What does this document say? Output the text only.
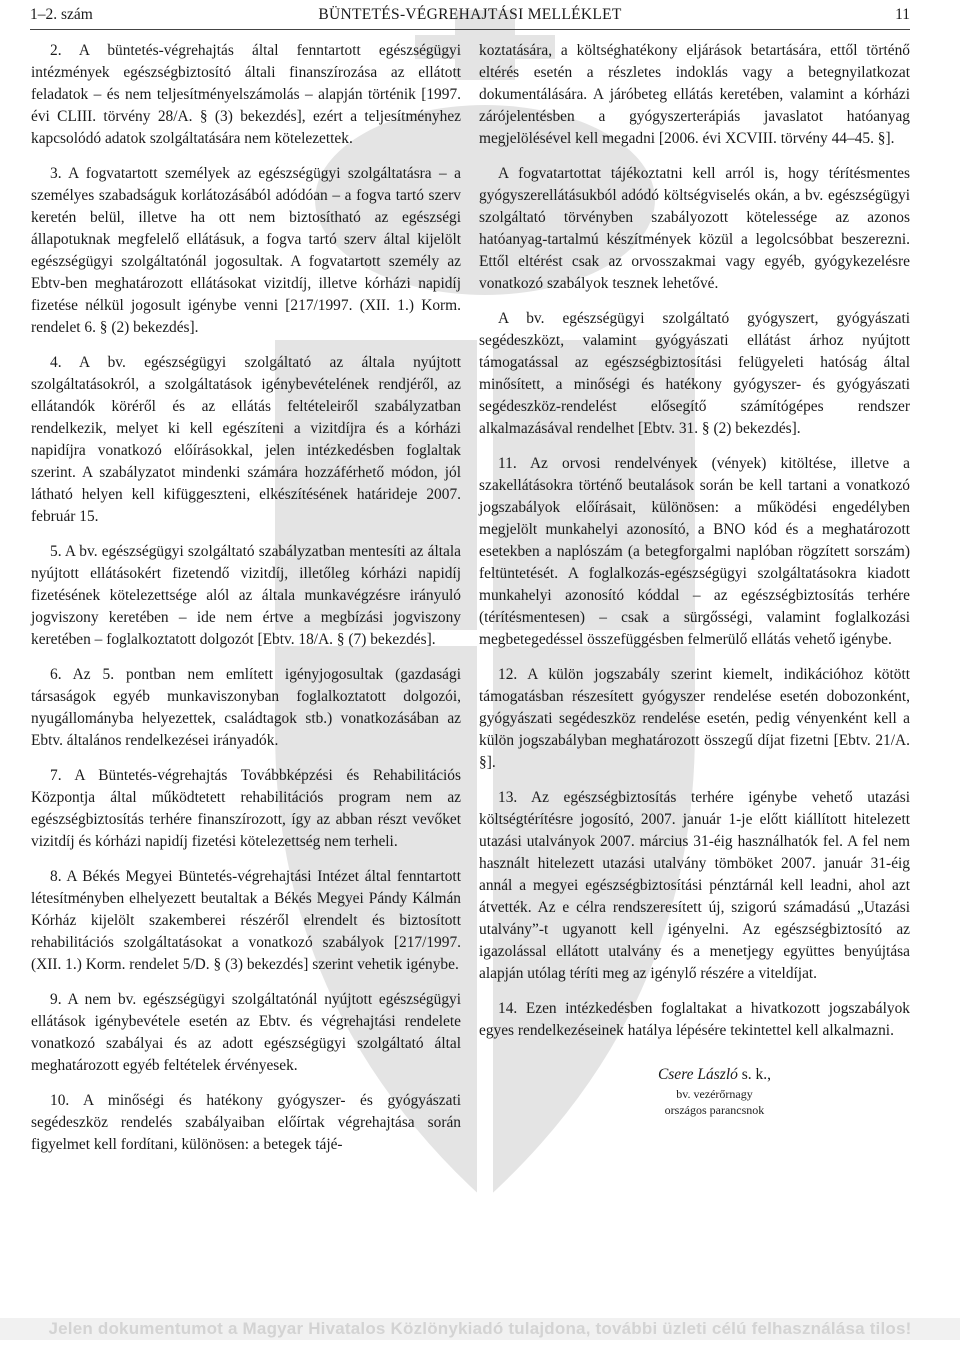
1–2. szám	BÜNTETÉS-VÉGREHAJTÁSI MELLÉKLET	11

2. A büntetés-végrehajtás által fenntartott egészségügyi intézmények egészségbiztosító általi finanszírozása az ellátott feladatok – és nem teljesítményelszámolás – alapján történik [1997. évi CLIII. törvény 28/A. § (3) bekezdés], ezért a teljesítményhez kapcsolódó adatok szolgáltatására nem kötelezettek.

3. A fogvatartott személyek az egészségügyi szolgáltatásra – a személyes szabadságuk korlátozásából adódóan – a fogva tartó szerv keretén belül, illetve ha ott nem biztosítható az egészségi állapotuknak megfelelő ellátásuk, a fogva tartó szerv által kijelölt egészségügyi szolgáltatónál jogosultak. A fogvatartott személy az Ebtv-ben meghatározott ellátásokat vizitdíj, illetve kórházi napidíj fizetése nélkül jogosult igénybe venni [217/1997. (XII. 1.) Korm. rendelet 6. § (2) bekezdés].

4. A bv. egészségügyi szolgáltató az általa nyújtott szolgáltatásokról, a szolgáltatások igénybevételének rendjéről, az ellátandók köréről és az ellátás feltételeiről szabályzatban rendelkezik, melyet ki kell egészíteni a vizitdíjra és a kórházi napidíjra vonatkozó előírásokkal, jelen intézkedésben foglaltak szerint. A szabályzatot mindenki számára hozzáférhető módon, jól látható helyen kell kifüggeszteni, elkészítésének határideje 2007. február 15.

5. A bv. egészségügyi szolgáltató szabályzatban mentesíti az általa nyújtott ellátásokért fizetendő vizitdíj, illetőleg kórházi napidíj fizetésének kötelezettsége alól az általa munkavégzésre irányuló jogviszony keretében – ide nem értve a megbízási jogviszony keretében – foglalkoztatott dolgozót [Ebtv. 18/A. § (7) bekezdés].

6. Az 5. pontban nem említett igényjogosultak (gazdasági társaságok egyéb munkaviszonyban foglalkoztatott dolgozói, nyugállományba helyezettek, családtagok stb.) vonatkozásában az Ebtv. általános rendelkezései irányadók.

7. A Büntetés-végrehajtás Továbbképzési és Rehabilitációs Központja által működtetett rehabilitációs program nem az egészségbiztosítás terhére finanszírozott, így az abban részt vevőket vizitdíj és kórházi napidíj fizetési kötelezettség nem terheli.

8. A Békés Megyei Büntetés-végrehajtási Intézet által fenntartott létesítményben elhelyezett beutaltak a Békés Megyei Pándy Kálmán Kórház kijelölt szakemberei részéről elrendelt és biztosított rehabilitációs szolgáltatásokat a vonatkozó szabályok [217/1997. (XII. 1.) Korm. rendelet 5/D. § (3) bekezdés] szerint vehetik igénybe.

9. A nem bv. egészségügyi szolgáltatónál nyújtott egészségügyi ellátások igénybevétele esetén az Ebtv. és végrehajtási rendelete vonatkozó szabályai és az adott egészségügyi szolgáltató által meghatározott egyéb feltételek érvényesek.

10. A minőségi és hatékony gyógyszer- és gyógyászati segédeszköz rendelés szabályaiban előírtak végrehajtása során figyelmet kell fordítani, különösen: a betegek tájé-

koztatására, a költséghatékony eljárások betartására, ettől történő eltérés esetén a részletes indoklás vagy a betegnyilatkozat dokumentálására. A járóbeteg ellátás keretében, valamint a kórházi zárójelentésben a gyógyszerterápiás javaslatot hatóanyag megjelölésével kell megadni [2006. évi XCVIII. törvény 44–45. §].

A fogvatartottat tájékoztatni kell arról is, hogy térítésmentes gyógyszerellátásukból adódó költségviselés okán, a bv. egészségügyi szolgáltató törvényben szabályozott kötelessége az azonos hatóanyag-tartalmú készítmények közül a legolcsóbbat beszerezni. Ettől eltérést csak az orvosszakmai vagy egyéb, gyógykezelésre vonatkozó szabályok tesznek lehetővé.

A bv. egészségügyi szolgáltató gyógyszert, gyógyászati segédeszközt, valamint gyógyászati ellátást árhoz nyújtott támogatással az egészségbiztosítási felügyeleti hatóság által minősített, a minőségi és hatékony gyógyszer- és gyógyászati segédeszköz-rendelést elősegítő számítógépes rendszer alkalmazásával rendelhet [Ebtv. 31. § (2) bekezdés].

11. Az orvosi rendelvények (vények) kitöltése, illetve a szakellátásokra történő beutalások során be kell tartani a vonatkozó jogszabályok előírásait, különösen: a működési engedélyben megjelölt munkahelyi azonosító, a BNO kód és a meghatározott esetekben a naplószám (a betegforgalmi naplóban rögzített sorszám) feltüntetését. A foglalkozás-egészségügyi szolgáltatásokra kiadott munkahelyi azonosító kóddal – az egészségbiztosítás terhére (térítésmentesen) – csak a sürgősségi, valamint foglalkozási megbetegedéssel összefüggésben felmerülő ellátás vehető igénybe.

12. A külön jogszabály szerint kiemelt, indikációhoz kötött támogatásban részesített gyógyszer rendelése esetén dobozonként, gyógyászati segédeszköz rendelése esetén, pedig vényenként kell a külön jogszabályban meghatározott összegű díjat fizetni [Ebtv. 21/A. §].

13. Az egészségbiztosítás terhére igénybe vehető utazási költségtérítésre jogosító, 2007. január 1-je előtt kiállított hitelezett utazási utalványok 2007. március 31-éig használhatók fel. A fel nem használt hitelezett utazási utalvány tömböket 2007. január 31-éig annál a megyei egészségbiztosítási pénztárnál kell leadni, ahol azt átvették. Az e célra rendszeresített új, szigorú számadású „Utazási utalvány”-t ugyanott kell igényelni. Az egészségbiztosító az igazolással ellátott utalvány és a menetjegy együttes benyújtása alapján utólag téríti meg az igénylő részére a viteldíjat.

14. Ezen intézkedésben foglaltakat a hivatkozott jogszabályok egyes rendelkezéseinek hatálya lépésére tekintettel kell alkalmazni.

Csere László s. k.,
bv. vezérőrnagy
országos parancsnok
Jelen dokumentumot a Magyar Hivatalos Közlönykiadó tulajdona, további üzleti célú felhasználása tilos!
